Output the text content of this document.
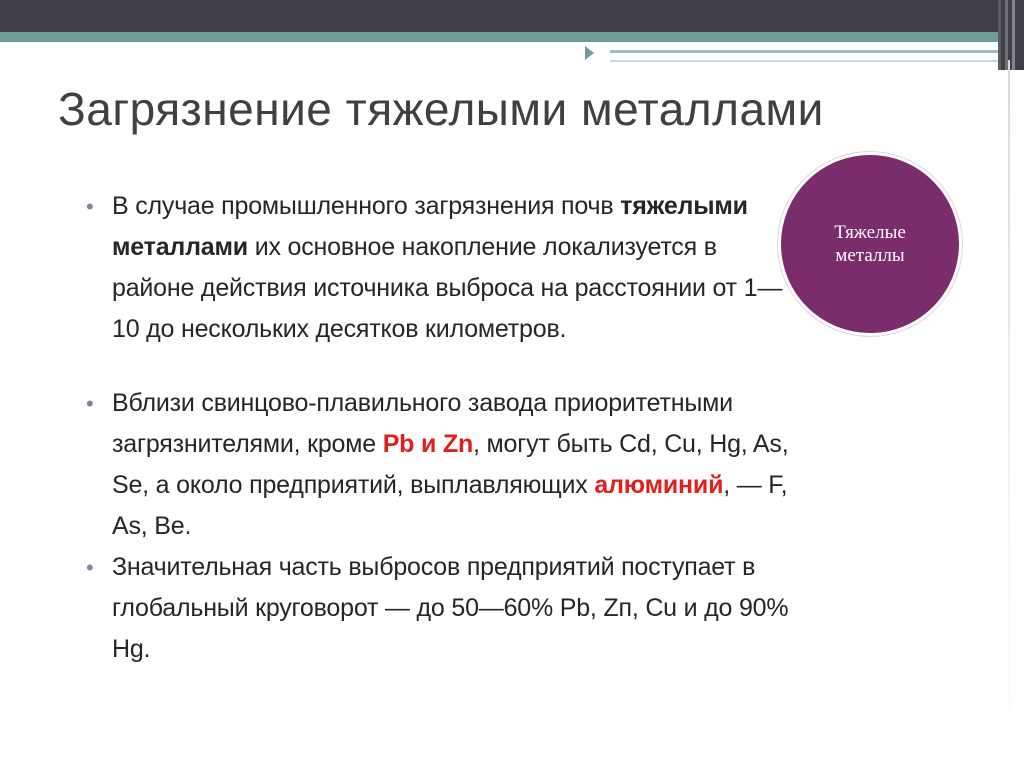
Загрязнение тяжелыми металлами
• В случае промышленного загрязнения почв тяжелыми металлами их основное накопление локализуется в районе действия источника выброса на расстоянии от 1—10 до нескольких десятков километров.
• Вблизи свинцово-плавильного завода приоритетными загрязнителями, кроме Рb и Zn, могут быть Cd, Cu, Hg, As, Se, а около предприятий, выплавляющих алюминий, — F, As, Be.
• Значительная часть выбросов предприятий поступает в глобальный круговорот — до 50—60% Рb, Zп, Cu и до 90% Hg.
Тяжелые
металлы
